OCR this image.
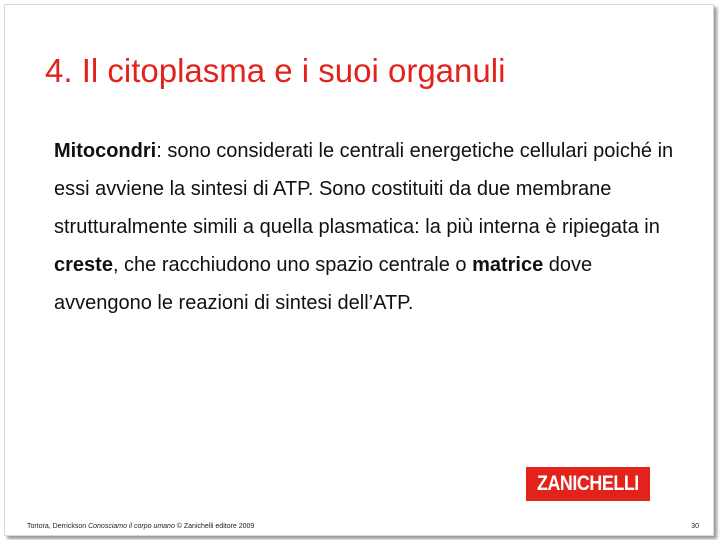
4. Il citoplasma e i suoi organuli

Mitocondri: sono considerati le centrali energetiche cellulari poiché in essi avviene la sintesi di ATP. Sono costituiti da due membrane strutturalmente simili a quella plasmatica: la più interna è ripiegata in creste, che racchiudono uno spazio centrale o matrice dove avvengono le reazioni di sintesi dell’ATP.

ZANICHELLI
Tortora, Derrickson Conosciamo il corpo umano © Zanichelli editore 2009	30
